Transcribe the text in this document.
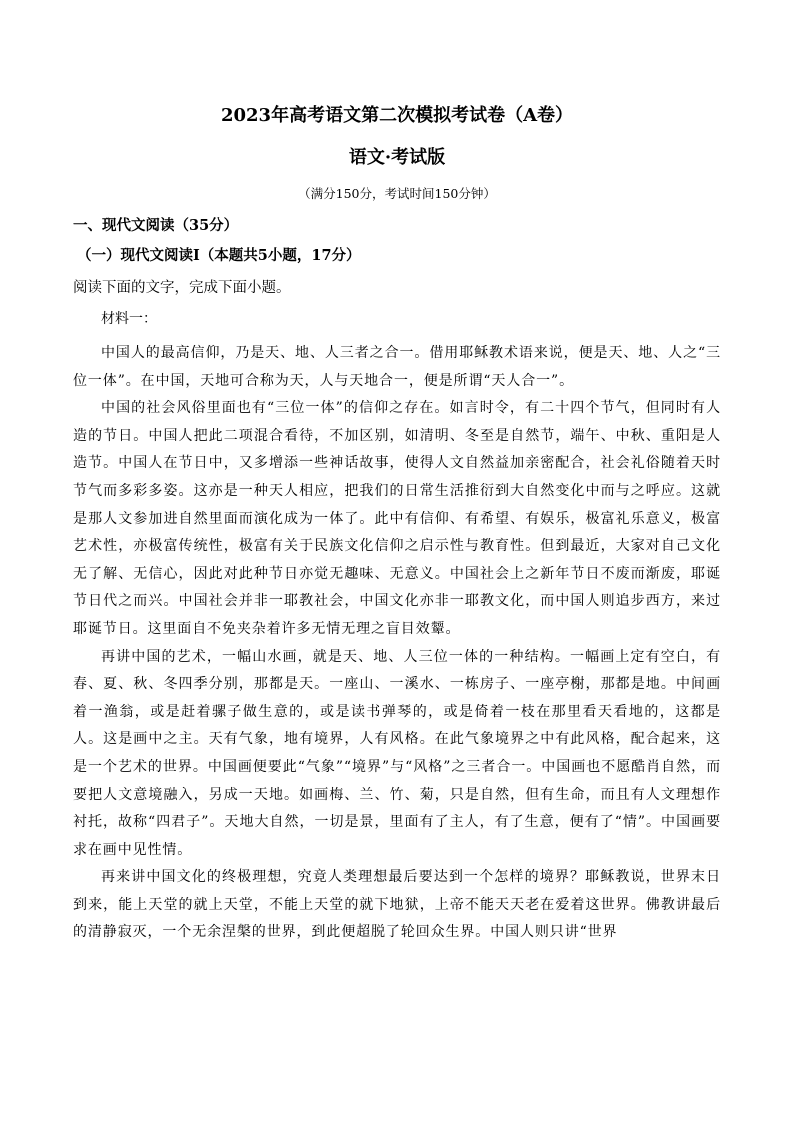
2023年高考语文第二次模拟考试卷（A卷）
语文·考试版
（满分150分，考试时间150分钟）
一、现代文阅读（35分）
（一）现代文阅读Ⅰ（本题共5小题，17分）
阅读下面的文字，完成下面小题。
材料一：

中国人的最高信仰，乃是天、地、人三者之合一。借用耶稣教术语来说，便是天、地、人之“三位一体”。在中国，天地可合称为天，人与天地合一，便是所谓“天人合一”。

中国的社会风俗里面也有“三位一体”的信仰之存在。如言时令，有二十四个节气，但同时有人造的节日。中国人把此二项混合看待，不加区别，如清明、冬至是自然节，端午、中秋、重阳是人造节。中国人在节日中，又多增添一些神话故事，使得人文自然益加亲密配合，社会礼俗随着天时节气而多彩多姿。这亦是一种天人相应，把我们的日常生活推衍到大自然变化中而与之呼应。这就是那人文参加进自然里面而演化成为一体了。此中有信仰、有希望、有娱乐，极富礼乐意义，极富艺术性，亦极富传统性，极富有关于民族文化信仰之启示性与教育性。但到最近，大家对自己文化无了解、无信心，因此对此种节日亦觉无趣味、无意义。中国社会上之新年节日不废而渐废，耶诞节日代之而兴。中国社会并非一耶教社会，中国文化亦非一耶教文化，而中国人则追步西方，来过耶诞节日。这里面自不免夹杂着许多无情无理之盲目效颦。

再讲中国的艺术，一幅山水画，就是天、地、人三位一体的一种结构。一幅画上定有空白，有春、夏、秋、冬四季分别，那都是天。一座山、一溪水、一栋房子、一座亭榭，那都是地。中间画着一渔翁，或是赶着骡子做生意的，或是读书弹琴的，或是倚着一枝在那里看天看地的，这都是人。这是画中之主。天有气象，地有境界，人有风格。在此气象境界之中有此风格，配合起来，这是一个艺术的世界。中国画便要此“气象”“境界”与“风格”之三者合一。中国画也不愿酷肖自然，而要把人文意境融入，另成一天地。如画梅、兰、竹、菊，只是自然，但有生命，而且有人文理想作衬托，故称“四君子”。天地大自然，一切是景，里面有了主人，有了生意，便有了“情”。中国画要求在画中见性情。

再来讲中国文化的终极理想，究竟人类理想最后要达到一个怎样的境界？耶稣教说，世界末日到来，能上天堂的就上天堂，不能上天堂的就下地狱，上帝不能天天老在爱着这世界。佛教讲最后的清静寂灭，一个无余涅槃的世界，到此便超脱了轮回众生界。中国人则只讲“世界
